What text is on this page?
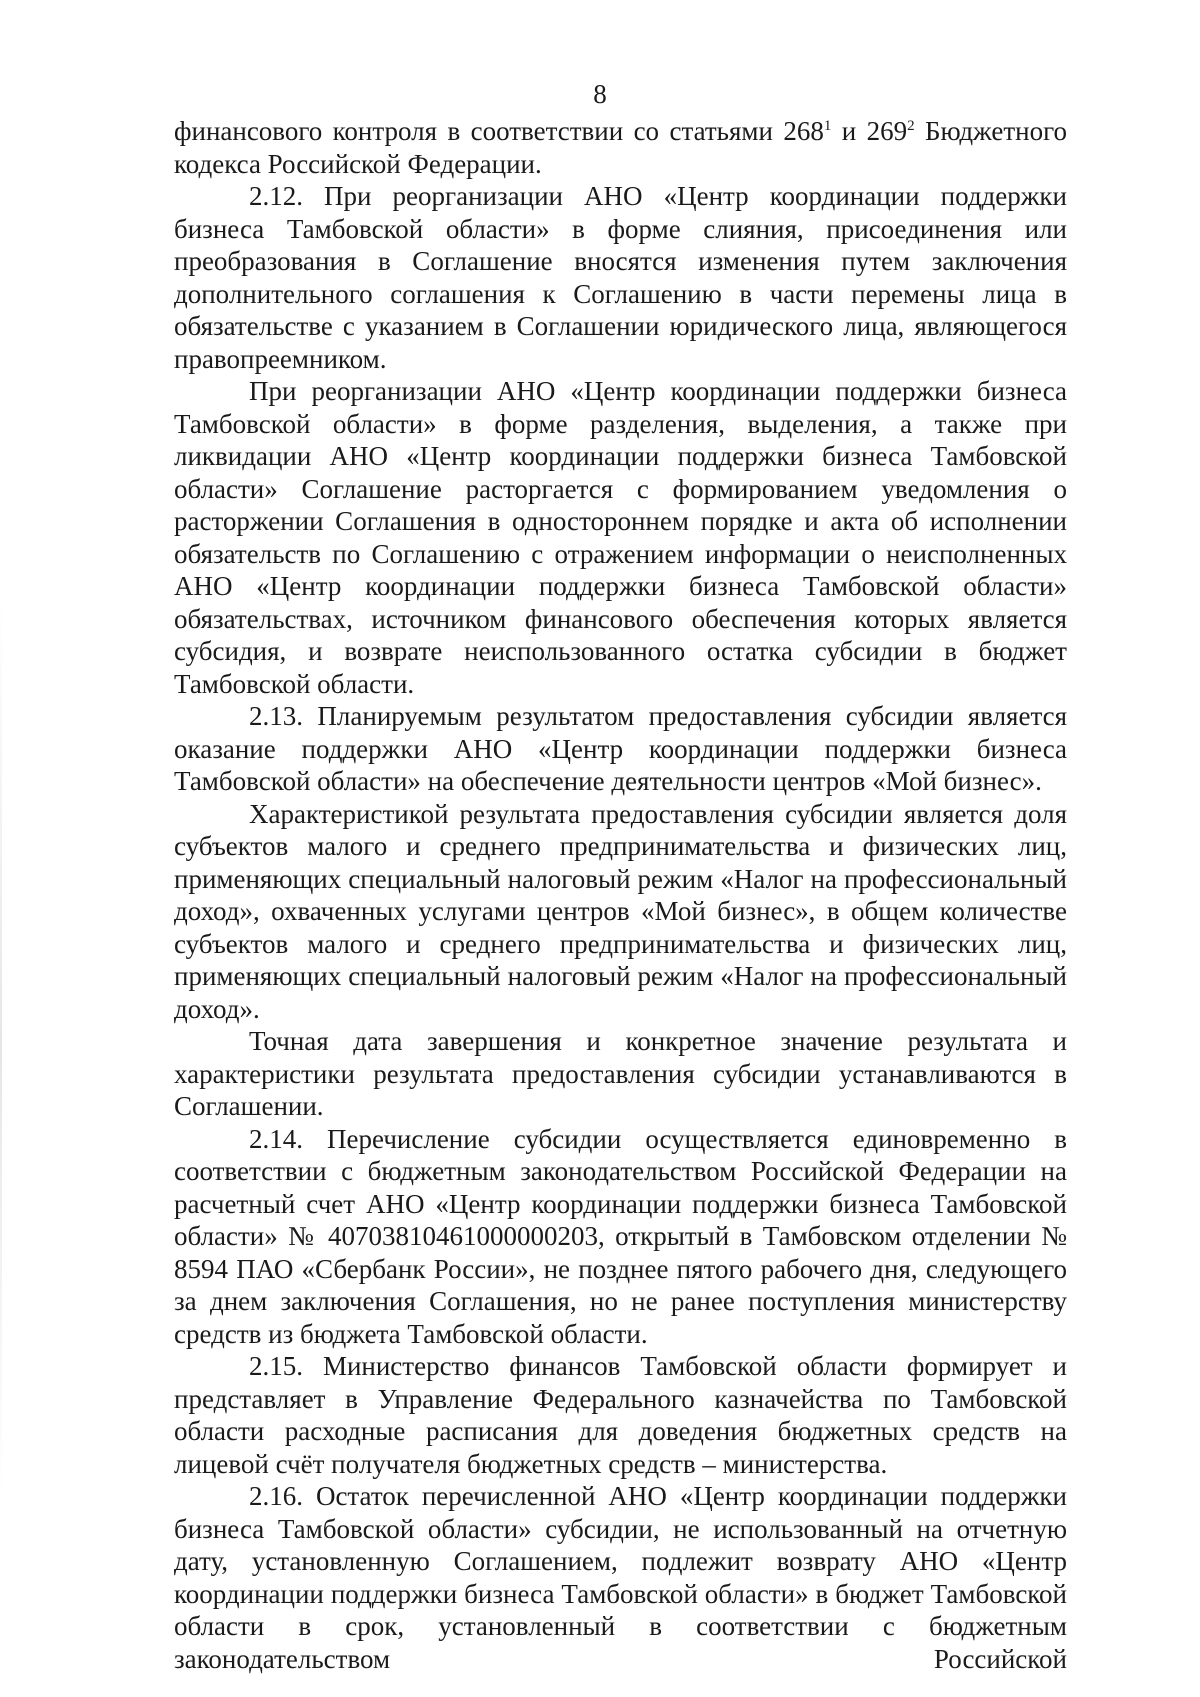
8

финансового контроля в соответствии со статьями $268^1$ и $269^2$ Бюджетного кодекса Российской Федерации.

2.12. При реорганизации АНО «Центр координации поддержки бизнеса Тамбовской области» в форме слияния, присоединения или преобразования в Соглашение вносятся изменения путем заключения дополнительного соглашения к Соглашению в части перемены лица в обязательстве с указанием в Соглашении юридического лица, являющегося правопреемником.

При реорганизации АНО «Центр координации поддержки бизнеса Тамбовской области» в форме разделения, выделения, а также при ликвидации АНО «Центр координации поддержки бизнеса Тамбовской области» Соглашение расторгается с формированием уведомления о расторжении Соглашения в одностороннем порядке и акта об исполнении обязательств по Соглашению с отражением информации о неисполненных АНО «Центр координации поддержки бизнеса Тамбовской области» обязательствах, источником финансового обеспечения которых является субсидия, и возврате неиспользованного остатка субсидии в бюджет Тамбовской области.

2.13. Планируемым результатом предоставления субсидии является оказание поддержки АНО «Центр координации поддержки бизнеса Тамбовской области» на обеспечение деятельности центров «Мой бизнес».

Характеристикой результата предоставления субсидии является доля субъектов малого и среднего предпринимательства и физических лиц, применяющих специальный налоговый режим «Налог на профессиональный доход», охваченных услугами центров «Мой бизнес», в общем количестве субъектов малого и среднего предпринимательства и физических лиц, применяющих специальный налоговый режим «Налог на профессиональный доход».

Точная дата завершения и конкретное значение результата и характеристики результата предоставления субсидии устанавливаются в Соглашении.

2.14. Перечисление субсидии осуществляется единовременно в соответствии с бюджетным законодательством Российской Федерации на расчетный счет АНО «Центр координации поддержки бизнеса Тамбовской области» № 40703810461000000203, открытый в Тамбовском отделении № 8594 ПАО «Сбербанк России», не позднее пятого рабочего дня, следующего за днем заключения Соглашения, но не ранее поступления министерству средств из бюджета Тамбовской области.

2.15. Министерство финансов Тамбовской области формирует и представляет в Управление Федерального казначейства по Тамбовской области расходные расписания для доведения бюджетных средств на лицевой счёт получателя бюджетных средств – министерства.

2.16. Остаток перечисленной АНО «Центр координации поддержки бизнеса Тамбовской области» субсидии, не использованный на отчетную дату, установленную Соглашением, подлежит возврату АНО «Центр координации поддержки бизнеса Тамбовской области» в бюджет Тамбовской области в срок, установленный в соответствии с бюджетным законодательством Российской
